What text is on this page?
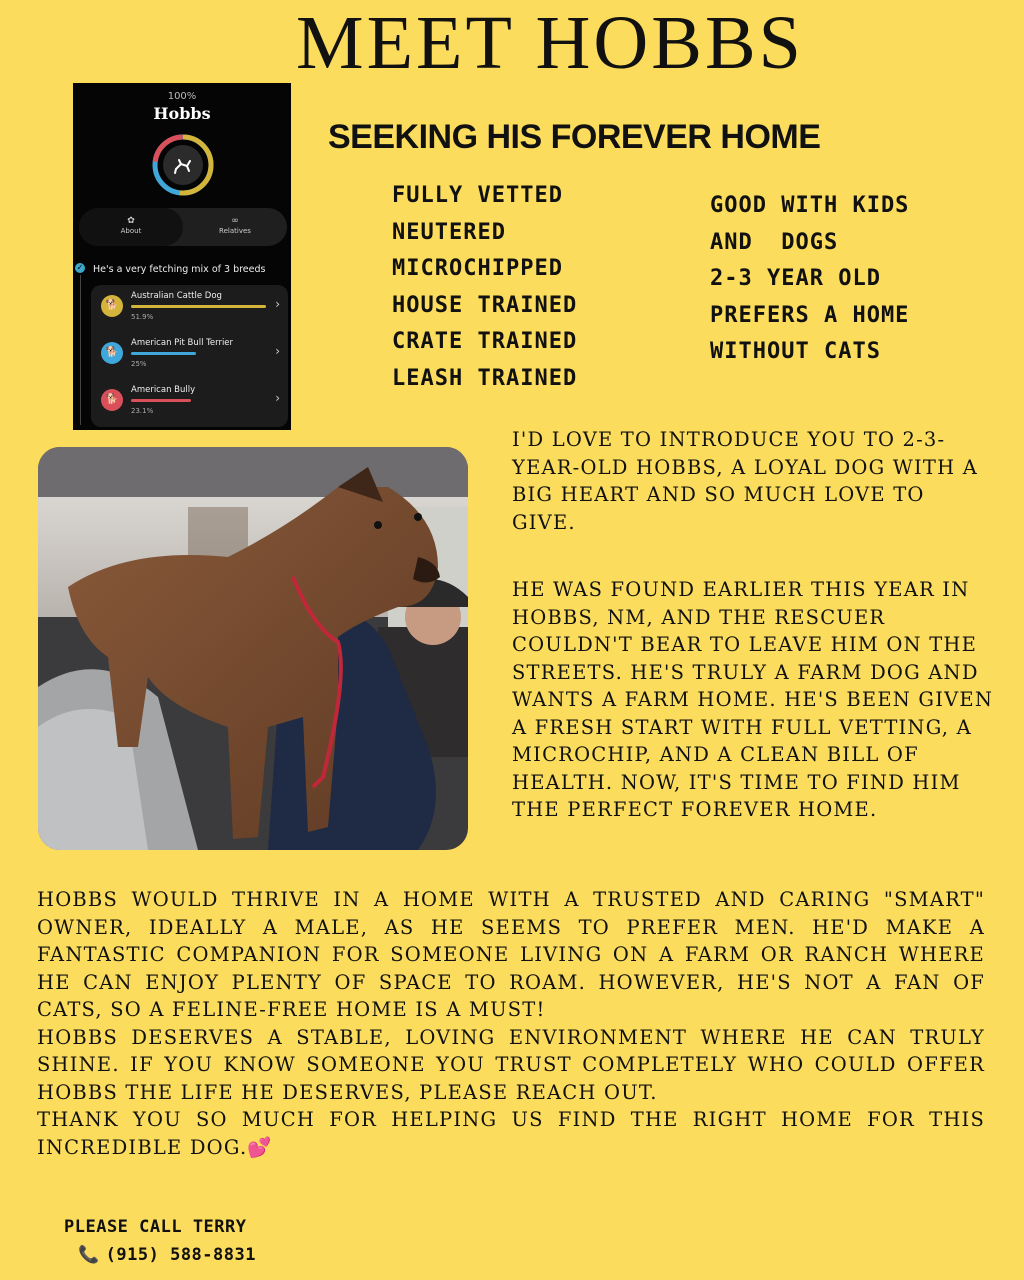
MEET HOBBS
100%
Hobbs
✿
About
∞
Relatives
✓ He's a very fetching mix of 3 breeds
🐕
Australian Cattle Dog
51.9%
›
🐕
American Pit Bull Terrier
25%
›
🐕
American Bully
23.1%
›
SEEKING HIS FOREVER HOME
FULLY VETTED
NEUTERED
MICROCHIPPED
HOUSE TRAINED
CRATE TRAINED
LEASH TRAINED
GOOD WITH KIDS
AND  DOGS
2-3 YEAR OLD
PREFERS A HOME
WITHOUT CATS

I'D LOVE TO INTRODUCE YOU TO 2-3-YEAR-OLD HOBBS, A LOYAL DOG WITH A BIG HEART AND SO MUCH LOVE TO GIVE.

HE WAS FOUND EARLIER THIS YEAR IN HOBBS, NM, AND THE RESCUER COULDN'T BEAR TO LEAVE HIM ON THE STREETS. HE'S TRULY A FARM DOG AND WANTS A FARM HOME. HE'S BEEN GIVEN A FRESH START WITH FULL VETTING, A MICROCHIP, AND A CLEAN BILL OF HEALTH. NOW, IT'S TIME TO FIND HIM THE PERFECT FOREVER HOME.

HOBBS WOULD THRIVE IN A HOME WITH A TRUSTED AND CARING "SMART" OWNER, IDEALLY A MALE, AS HE SEEMS TO PREFER MEN. HE'D MAKE A FANTASTIC COMPANION FOR SOMEONE LIVING ON A FARM OR RANCH WHERE HE CAN ENJOY PLENTY OF SPACE TO ROAM. HOWEVER, HE'S NOT A FAN OF CATS, SO A FELINE-FREE HOME IS A MUST!

HOBBS DESERVES A STABLE, LOVING ENVIRONMENT WHERE HE CAN TRULY SHINE. IF YOU KNOW SOMEONE YOU TRUST COMPLETELY WHO COULD OFFER HOBBS THE LIFE HE DESERVES, PLEASE REACH OUT.

THANK YOU SO MUCH FOR HELPING US FIND THE RIGHT HOME FOR THIS INCREDIBLE DOG.💕

PLEASE CALL TERRY
📞 (915) 588-8831
